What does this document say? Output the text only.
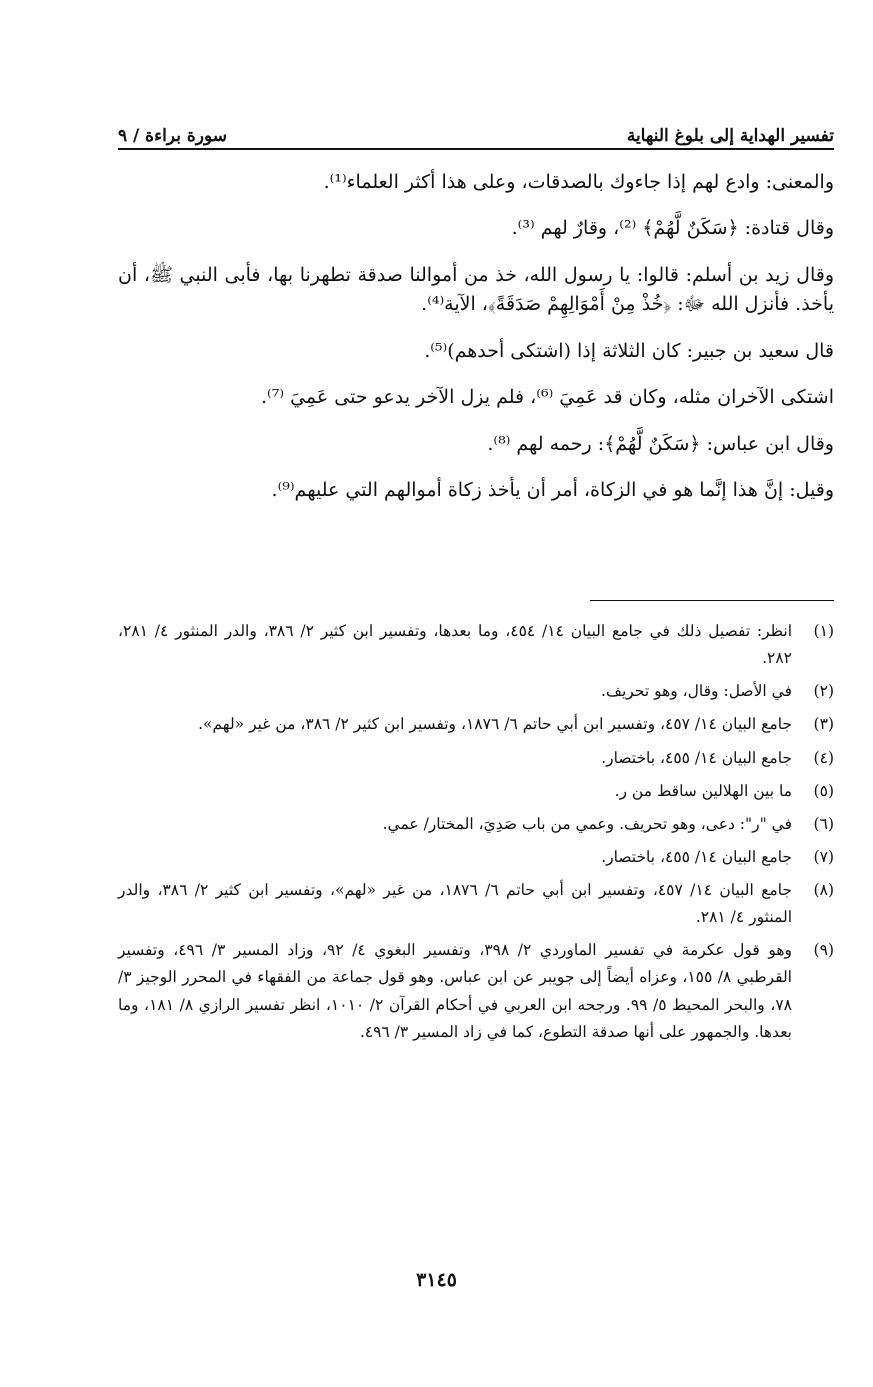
تفسير الهداية إلى بلوغ النهاية
سورة براءة / ٩

والمعنى: وادع لهم إذا جاءوك بالصدقات، وعلى هذا أكثر العلماء⁽¹⁾.

وقال قتادة: ﴿سَكَنٌ لَّهُمْ﴾ ⁽²⁾، وقارٌ لهم ⁽³⁾.

وقال زيد بن أسلم: قالوا: يا رسول الله، خذ من أموالنا صدقة تطهرنا بها، فأبى النبي ﷺ، أن يأخذ. فأنزل الله ﷻ: ﴿خُذْ مِنْ أَمْوَالِهِمْ صَدَقَةً﴾، الآية⁽⁴⁾.

قال سعيد بن جبير: كان الثلاثة إذا (اشتكى أحدهم)⁽⁵⁾.

اشتكى الآخران مثله، وكان قد عَمِيَ ⁽⁶⁾، فلم يزل الآخر يدعو حتى عَمِيَ ⁽⁷⁾.

وقال ابن عباس: ﴿سَكَنٌ لَّهُمْ﴾: رحمه لهم ⁽⁸⁾.

وقيل: إنَّ هذا إنَّما هو في الزكاة، أمر أن يأخذ زكاة أموالهم التي عليهم⁽⁹⁾.

(١)
انظر: تفصيل ذلك في جامع البيان ١٤/ ٤٥٤، وما بعدها، وتفسير ابن كثير ٢/ ٣٨٦، والدر المنثور ٤/ ٢٨١، ٢٨٢.
(٢)
في الأصل: وقال، وهو تحريف.
(٣)
جامع البيان ١٤/ ٤٥٧، وتفسير ابن أبي حاتم ٦/ ١٨٧٦، وتفسير ابن كثير ٢/ ٣٨٦، من غير «لهم».
(٤)
جامع البيان ١٤/ ٤٥٥، باختصار.
(٥)
ما بين الهلالين ساقط من ر.
(٦)
في "ر": دعى، وهو تحريف. وعمي من باب صَدِيَ، المختار/ عمي.
(٧)
جامع البيان ١٤/ ٤٥٥، باختصار.
(٨)
جامع البيان ١٤/ ٤٥٧، وتفسير ابن أبي حاتم ٦/ ١٨٧٦، من غير «لهم»، وتفسير ابن كثير ٢/ ٣٨٦، والدر المنثور ٤/ ٢٨١.
(٩)
وهو قول عكرمة في تفسير الماوردي ٢/ ٣٩٨، وتفسير البغوي ٤/ ٩٢، وزاد المسير ٣/ ٤٩٦، وتفسير القرطبي ٨/ ١٥٥، وعزاه أيضاً إلى جويبر عن ابن عباس. وهو قول جماعة من الفقهاء في المحرر الوجيز ٣/ ٧٨، والبحر المحيط ٥/ ٩٩. ورجحه ابن العربي في أحكام القرآن ٢/ ١٠١٠، انظر تفسير الرازي ٨/ ١٨١، وما بعدها. والجمهور على أنها صدقة التطوع، كما في زاد المسير ٣/ ٤٩٦.
٣١٤٥
